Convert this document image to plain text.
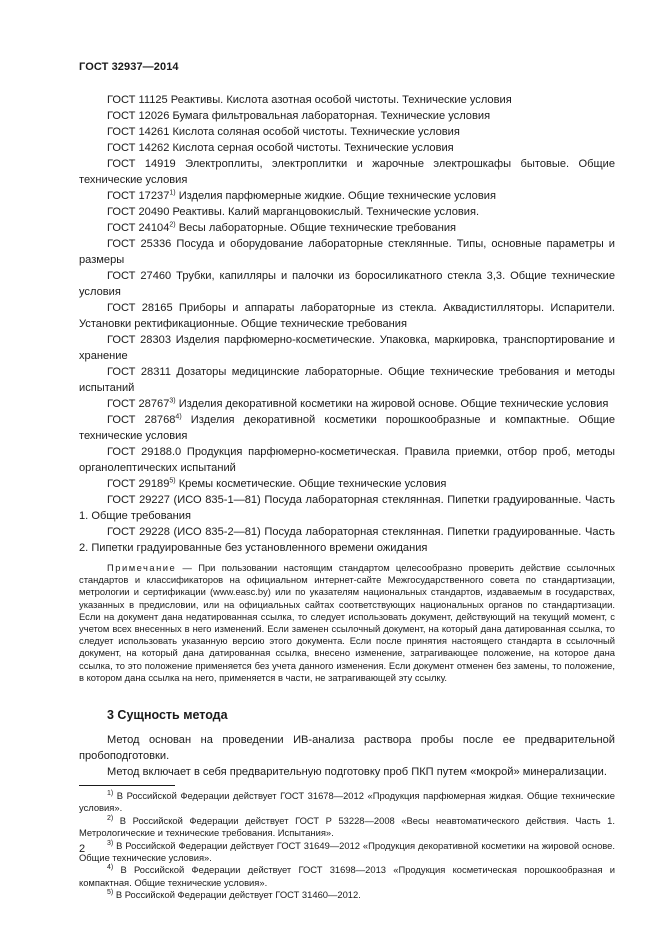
ГОСТ 32937—2014

ГОСТ 11125 Реактивы. Кислота азотная особой чистоты. Технические условия

ГОСТ 12026 Бумага фильтровальная лабораторная. Технические условия

ГОСТ 14261 Кислота соляная особой чистоты. Технические условия

ГОСТ 14262 Кислота серная особой чистоты. Технические условия

ГОСТ 14919 Электроплиты, электроплитки и жарочные электрошкафы бытовые. Общие технические условия

ГОСТ 17237$^{1)}$ Изделия парфюмерные жидкие. Общие технические условия

ГОСТ 20490 Реактивы. Калий марганцовокислый. Технические условия.

ГОСТ 24104$^{2)}$ Весы лабораторные. Общие технические требования

ГОСТ 25336 Посуда и оборудование лабораторные стеклянные. Типы, основные параметры и размеры

ГОСТ 27460 Трубки, капилляры и палочки из боросиликатного стекла 3,3. Общие технические условия

ГОСТ 28165 Приборы и аппараты лабораторные из стекла. Аквадистилляторы. Испарители. Установки ректификационные. Общие технические требования

ГОСТ 28303 Изделия парфюмерно-косметические. Упаковка, маркировка, транспортирование и хранение

ГОСТ 28311 Дозаторы медицинские лабораторные. Общие технические требования и методы испытаний

ГОСТ 28767$^{3)}$ Изделия декоративной косметики на жировой основе. Общие технические условия

ГОСТ 28768$^{4)}$ Изделия декоративной косметики порошкообразные и компактные. Общие технические условия

ГОСТ 29188.0 Продукция парфюмерно-косметическая. Правила приемки, отбор проб, методы органолептических испытаний

ГОСТ 29189$^{5)}$ Кремы косметические. Общие технические условия

ГОСТ 29227 (ИСО 835-1—81) Посуда лабораторная стеклянная. Пипетки градуированные. Часть 1. Общие требования

ГОСТ 29228 (ИСО 835-2—81) Посуда лабораторная стеклянная. Пипетки градуированные. Часть 2. Пипетки градуированные без установленного времени ожидания

Примечание — При пользовании настоящим стандартом целесообразно проверить действие ссылочных стандартов и классификаторов на официальном интернет-сайте Межгосударственного совета по стандартизации, метрологии и сертификации (www.easc.by) или по указателям национальных стандартов, издаваемым в государствах, указанных в предисловии, или на официальных сайтах соответствующих национальных органов по стандартизации. Если на документ дана недатированная ссылка, то следует использовать документ, действующий на текущий момент, с учетом всех внесенных в него изменений. Если заменен ссылочный документ, на который дана датированная ссылка, то следует использовать указанную версию этого документа. Если после принятия настоящего стандарта в ссылочный документ, на который дана датированная ссылка, внесено изменение, затрагивающее положение, на которое дана ссылка, то это положение применяется без учета данного изменения. Если документ отменен без замены, то положение, в котором дана ссылка на него, применяется в части, не затрагивающей эту ссылку.

3 Сущность метода

Метод основан на проведении ИВ-анализа раствора пробы после ее предварительной пробоподготовки.

Метод включает в себя предварительную подготовку проб ПКП путем «мокрой» минерализации.

$^{1)}$ В Российской Федерации действует ГОСТ 31678—2012 «Продукция парфюмерная жидкая. Общие технические условия».

$^{2)}$ В Российской Федерации действует ГОСТ Р 53228—2008 «Весы неавтоматического действия. Часть 1. Метрологические и технические требования. Испытания».

$^{3)}$ В Российской Федерации действует ГОСТ 31649—2012 «Продукция декоративной косметики на жировой основе. Общие технические условия».

$^{4)}$ В Российской Федерации действует ГОСТ 31698—2013 «Продукция косметическая порошкообразная и компактная. Общие технические условия».

$^{5)}$ В Российской Федерации действует ГОСТ 31460—2012.

2
